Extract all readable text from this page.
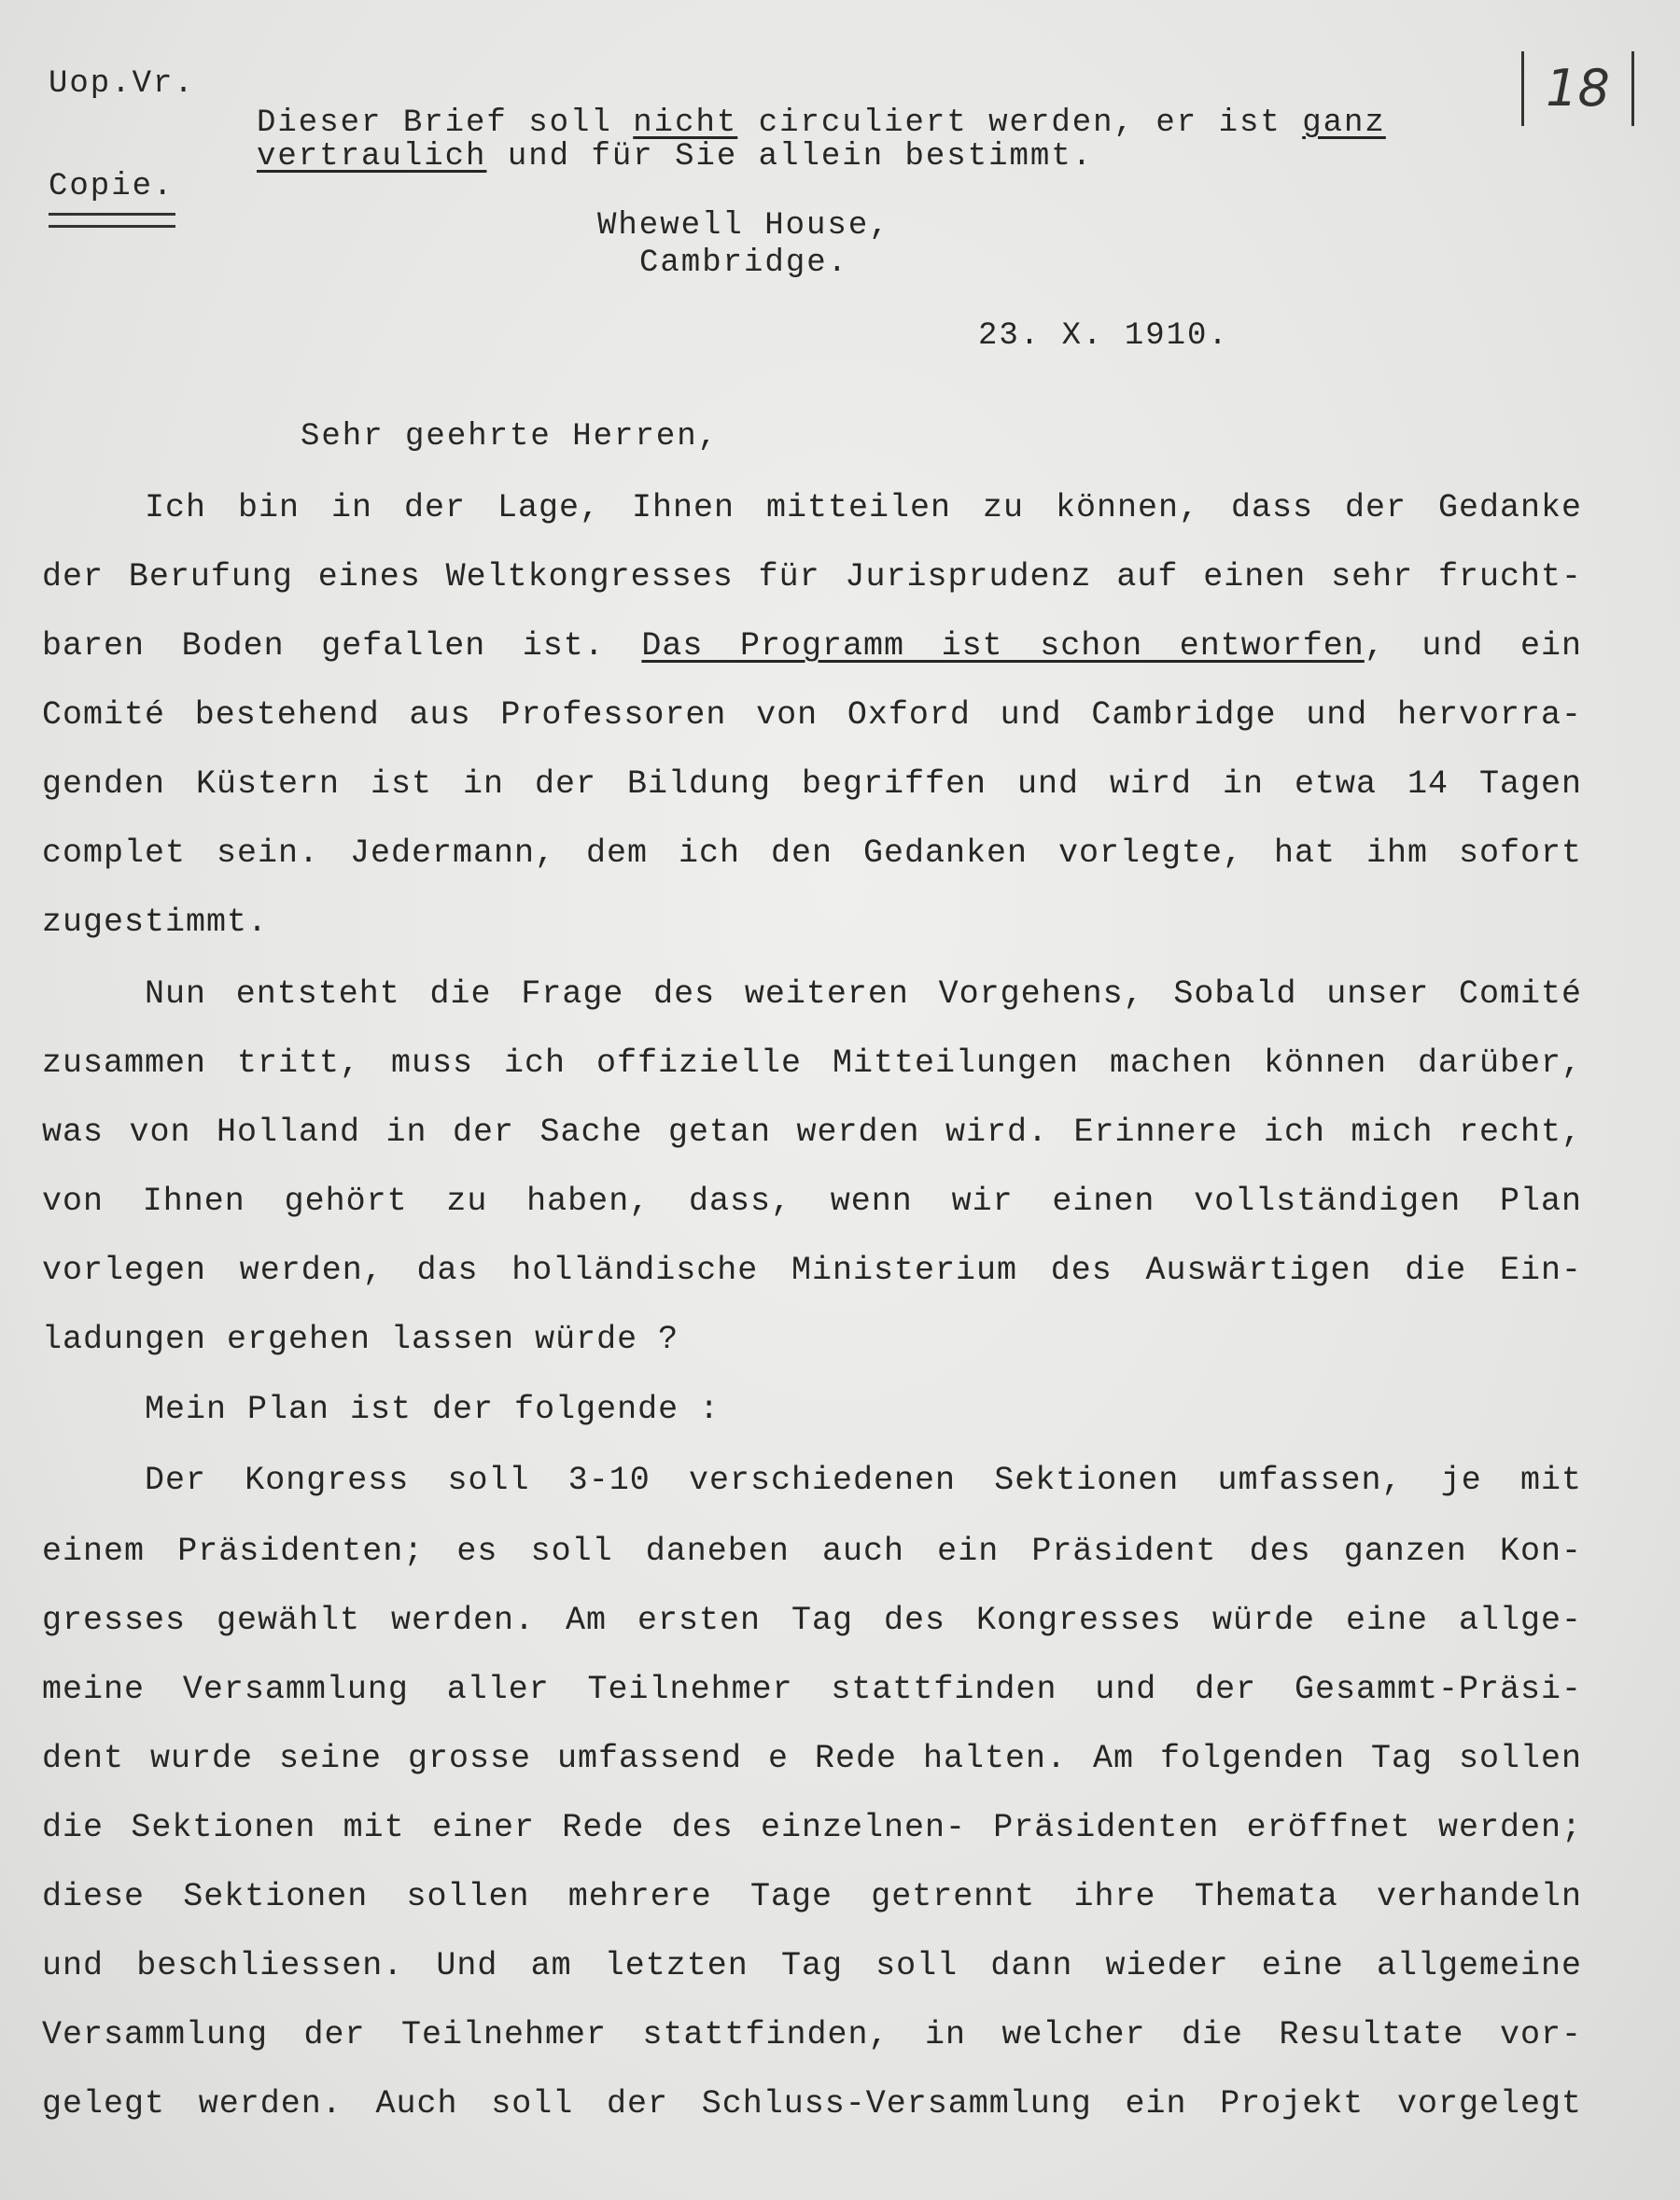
Uop.Vr.
Copie.
Dieser Brief soll nicht circuliert werden, er ist ganz
vertraulich und für Sie allein bestimmt.
18
Whewell House,
Cambridge.
23. X. 1910.
Sehr geehrte Herren,
Ich bin in der Lage, Ihnen mitteilen zu können, dass der Gedanke
der Berufung eines Weltkongresses für Jurisprudenz auf einen sehr frucht-
baren Boden gefallen ist. Das Programm ist schon entworfen, und ein
Comité bestehend aus Professoren von Oxford und Cambridge und hervorra-
genden Küstern ist in der Bildung begriffen und wird in etwa 14 Tagen
complet sein. Jedermann, dem ich den Gedanken vorlegte, hat ihm sofort
zugestimmt.
Nun entsteht die Frage des weiteren Vorgehens, Sobald unser Comité
zusammen tritt, muss ich offizielle Mitteilungen machen können darüber,
was von Holland in der Sache getan werden wird. Erinnere ich mich recht,
von Ihnen gehört zu haben, dass, wenn wir einen vollständigen Plan
vorlegen werden, das holländische Ministerium des Auswärtigen die Ein-
ladungen ergehen lassen würde ?
Mein Plan ist der folgende :
Der Kongress soll 3-10 verschiedenen Sektionen umfassen, je mit
einem Präsidenten; es soll daneben auch ein Präsident des ganzen Kon-
gresses gewählt werden. Am ersten Tag des Kongresses würde eine allge-
meine Versammlung aller Teilnehmer stattfinden und der Gesammt-Präsi-
dent wurde seine grosse umfassend e Rede halten. Am folgenden Tag sollen
die Sektionen mit einer Rede des einzelnen- Präsidenten eröffnet werden;
diese Sektionen sollen mehrere Tage getrennt ihre Themata verhandeln
und beschliessen. Und am letzten Tag soll dann wieder eine allgemeine
Versammlung der Teilnehmer stattfinden, in welcher die Resultate vor-
gelegt werden. Auch soll der Schluss-Versammlung ein Projekt vorgelegt
